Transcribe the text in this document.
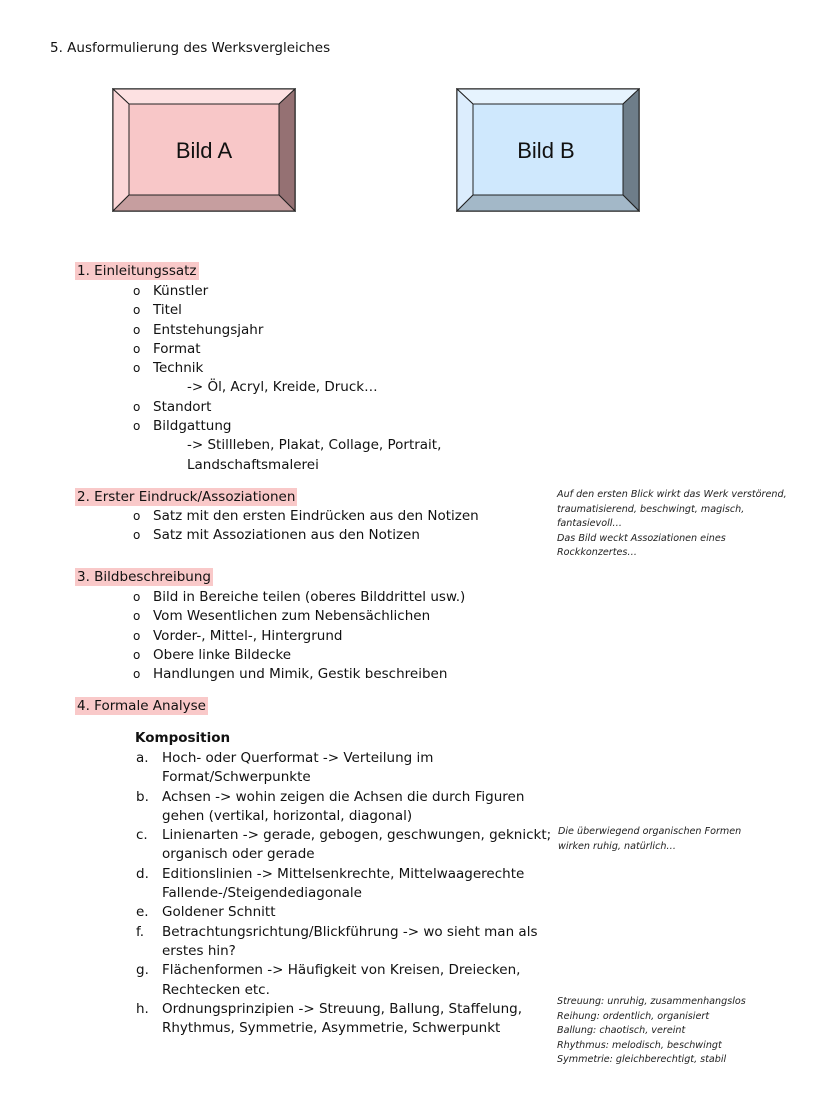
5. Ausformulierung des Werksvergleiches
Bild A	Bild B
1. Einleitungssatz
o Künstler
o Titel
o Entstehungsjahr
o Format
o Technik
-> Öl, Acryl, Kreide, Druck…
o Standort
o Bildgattung
-> Stillleben, Plakat, Collage, Portrait,
Landschaftsmalerei
2. Erster Eindruck/Assoziationen
o Satz mit den ersten Eindrücken aus den Notizen
o Satz mit Assoziationen aus den Notizen
Auf den ersten Blick wirkt das Werk verstörend,
traumatisierend, beschwingt, magisch,
fantasievoll…
Das Bild weckt Assoziationen eines
Rockkonzertes…
3. Bildbeschreibung
o Bild in Bereiche teilen (oberes Bilddrittel usw.)
o Vom Wesentlichen zum Nebensächlichen
o Vorder-, Mittel-, Hintergrund
o Obere linke Bildecke
o Handlungen und Mimik, Gestik beschreiben
4. Formale Analyse
Komposition
a. Hoch- oder Querformat -> Verteilung im
Format/Schwerpunkte
b. Achsen -> wohin zeigen die Achsen die durch Figuren
gehen (vertikal, horizontal, diagonal)
c. Linienarten -> gerade, gebogen, geschwungen, geknickt;
organisch oder gerade
d. Editionslinien -> Mittelsenkrechte, Mittelwaagerechte
Fallende-/Steigendediagonale
e. Goldener Schnitt
f. Betrachtungsrichtung/Blickführung -> wo sieht man als
erstes hin?
g. Flächenformen -> Häufigkeit von Kreisen, Dreiecken,
Rechtecken etc.
h. Ordnungsprinzipien -> Streuung, Ballung, Staffelung,
Rhythmus, Symmetrie, Asymmetrie, Schwerpunkt
Die überwiegend organischen Formen
wirken ruhig, natürlich…
Streuung: unruhig, zusammenhangslos
Reihung: ordentlich, organisiert
Ballung: chaotisch, vereint
Rhythmus: melodisch, beschwingt
Symmetrie: gleichberechtigt, stabil
